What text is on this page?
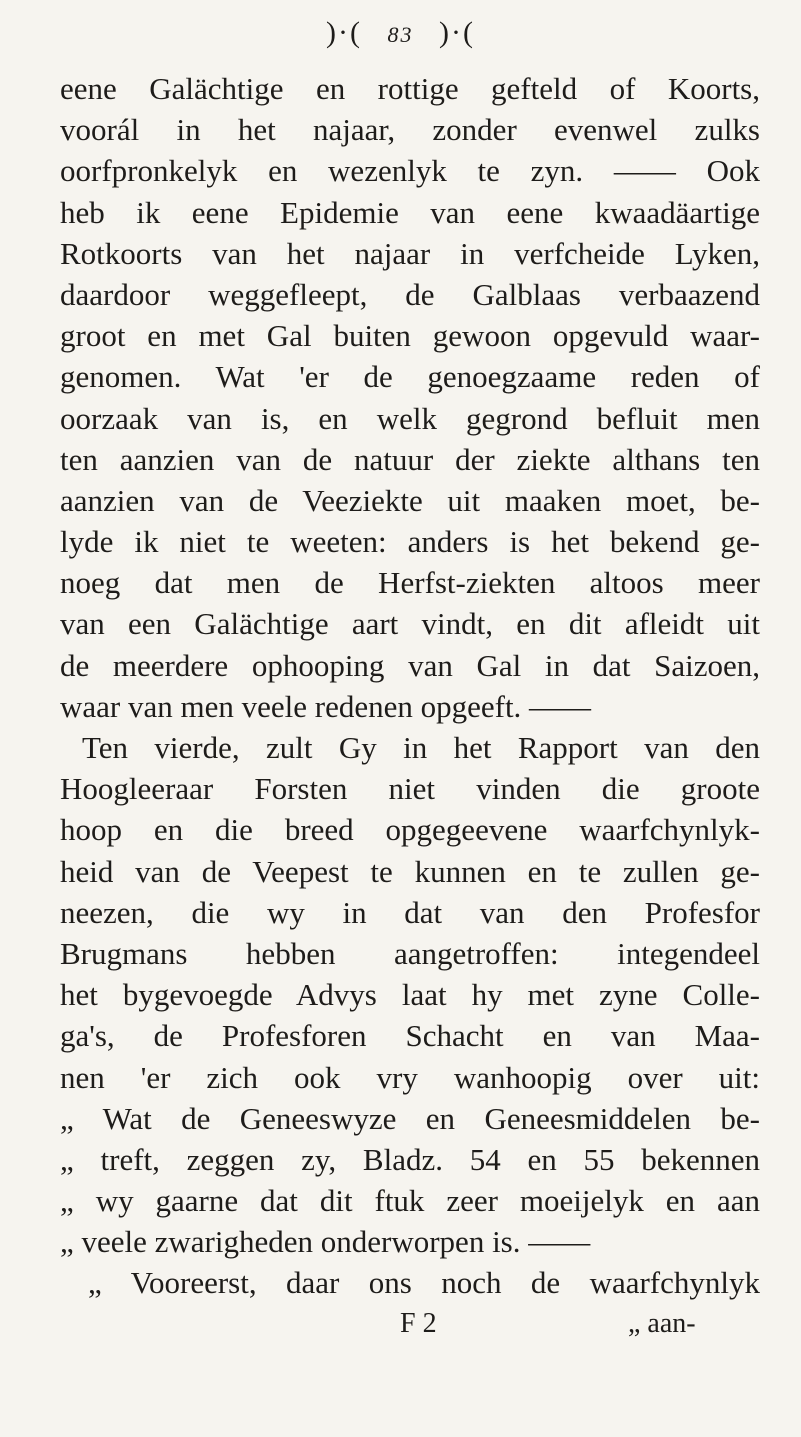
)·( 83 )·(
eene Galächtige en rottige gefteld of Koorts,
voorál in het najaar, zonder evenwel zulks
oorfpronkelyk en wezenlyk te zyn. —— Ook
heb ik eene Epidemie van eene kwaadäartige
Rotkoorts van het najaar in verfcheide Lyken,
daardoor weggefleept, de Galblaas verbaazend
groot en met Gal buiten gewoon opgevuld waar-
genomen. Wat 'er de genoegzaame reden of
oorzaak van is, en welk gegrond befluit men
ten aanzien van de natuur der ziekte althans ten
aanzien van de Veeziekte uit maaken moet, be-
lyde ik niet te weeten: anders is het bekend ge-
noeg dat men de Herfst-ziekten altoos meer
van een Galächtige aart vindt, en dit afleidt uit
de meerdere ophooping van Gal in dat Saizoen,
waar van men veele redenen opgeeft. ——
Ten vierde, zult Gy in het Rapport van den
Hoogleeraar Forsten niet vinden die groote
hoop en die breed opgegeevene waarfchynlyk-
heid van de Veepest te kunnen en te zullen ge-
neezen, die wy in dat van den Profesfor
Brugmans hebben aangetroffen: integendeel
het bygevoegde Advys laat hy met zyne Colle-
ga's, de Profesforen Schacht en van Maa-
nen 'er zich ook vry wanhoopig over uit:
„ Wat de Geneeswyze en Geneesmiddelen be-
„ treft, zeggen zy, Bladz. 54 en 55 bekennen
„ wy gaarne dat dit ftuk zeer moeijelyk en aan
„ veele zwarigheden onderworpen is. ——
„ Vooreerst, daar ons noch de waarfchynlyk
F 2	„ aan-
